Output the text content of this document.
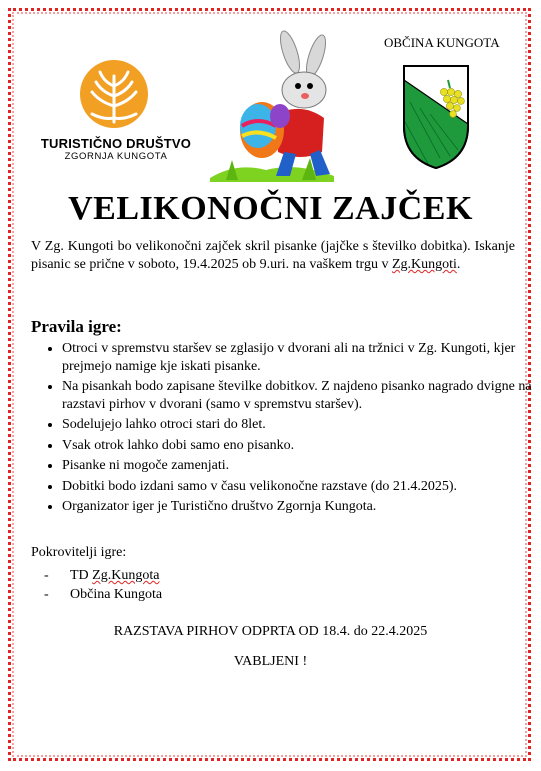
OBČINA KUNGOTA
TURISTIČNO DRUŠTVO
ZGORNJA KUNGOTA
VELIKONOČNI ZAJČEK
V Zg. Kungoti bo velikonočni zajček skril pisanke (jajčke s številko dobitka). Iskanje pisanic se prične v soboto, 19.4.2025 ob 9.uri. na vaškem trgu v Zg.Kungoti.
Pravila igre:
• Otroci v spremstvu staršev se zglasijo v dvorani ali na tržnici v Zg. Kungoti, kjer prejmejo namige kje iskati pisanke.
• Na pisankah bodo zapisane številke dobitkov. Z najdeno pisanko nagrado dvigne na razstavi pirhov v dvorani (samo v spremstvu staršev).
• Sodelujejo lahko otroci stari do 8let.
• Vsak otrok lahko dobi samo eno pisanko.
• Pisanke ni mogoče zamenjati.
• Dobitki bodo izdani samo v času velikonočne razstave (do 21.4.2025).
• Organizator iger je Turistično društvo Zgornja Kungota.
Pokrovitelji igre:
- TD Zg.Kungota
- Občina Kungota
RAZSTAVA PIRHOV ODPRTA OD 18.4. do 22.4.2025
VABLJENI !
